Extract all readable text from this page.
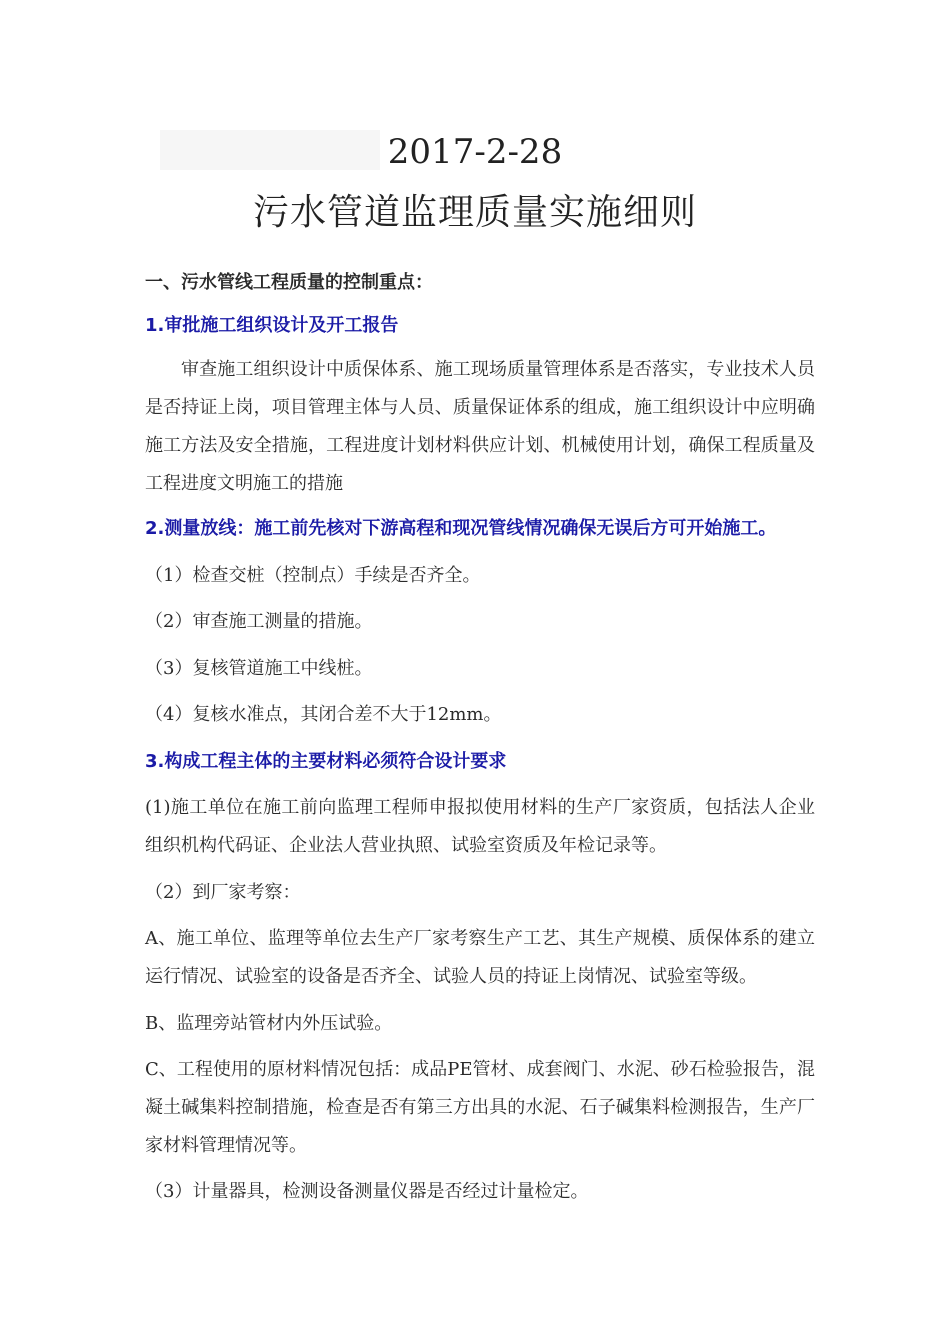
2017-2-28
污水管道监理质量实施细则
一、污水管线工程质量的控制重点：
1.审批施工组织设计及开工报告
审查施工组织设计中质保体系、施工现场质量管理体系是否落实，专业技术人员是否持证上岗，项目管理主体与人员、质量保证体系的组成，施工组织设计中应明确施工方法及安全措施，工程进度计划材料供应计划、机械使用计划，确保工程质量及工程进度文明施工的措施
2.测量放线：施工前先核对下游高程和现况管线情况确保无误后方可开始施工。
（1）检查交桩（控制点）手续是否齐全。
（2）审查施工测量的措施。
（3）复核管道施工中线桩。
（4）复核水准点，其闭合差不大于12mm。
3.构成工程主体的主要材料必须符合设计要求
(1)施工单位在施工前向监理工程师申报拟使用材料的生产厂家资质，包括法人企业组织机构代码证、企业法人营业执照、试验室资质及年检记录等。
（2）到厂家考察：
A、施工单位、监理等单位去生产厂家考察生产工艺、其生产规模、质保体系的建立运行情况、试验室的设备是否齐全、试验人员的持证上岗情况、试验室等级。
B、监理旁站管材内外压试验。
C、工程使用的原材料情况包括：成品PE管材、成套阀门、水泥、砂石检验报告，混凝土碱集料控制措施，检查是否有第三方出具的水泥、石子碱集料检测报告，生产厂家材料管理情况等。
（3）计量器具，检测设备测量仪器是否经过计量检定。
